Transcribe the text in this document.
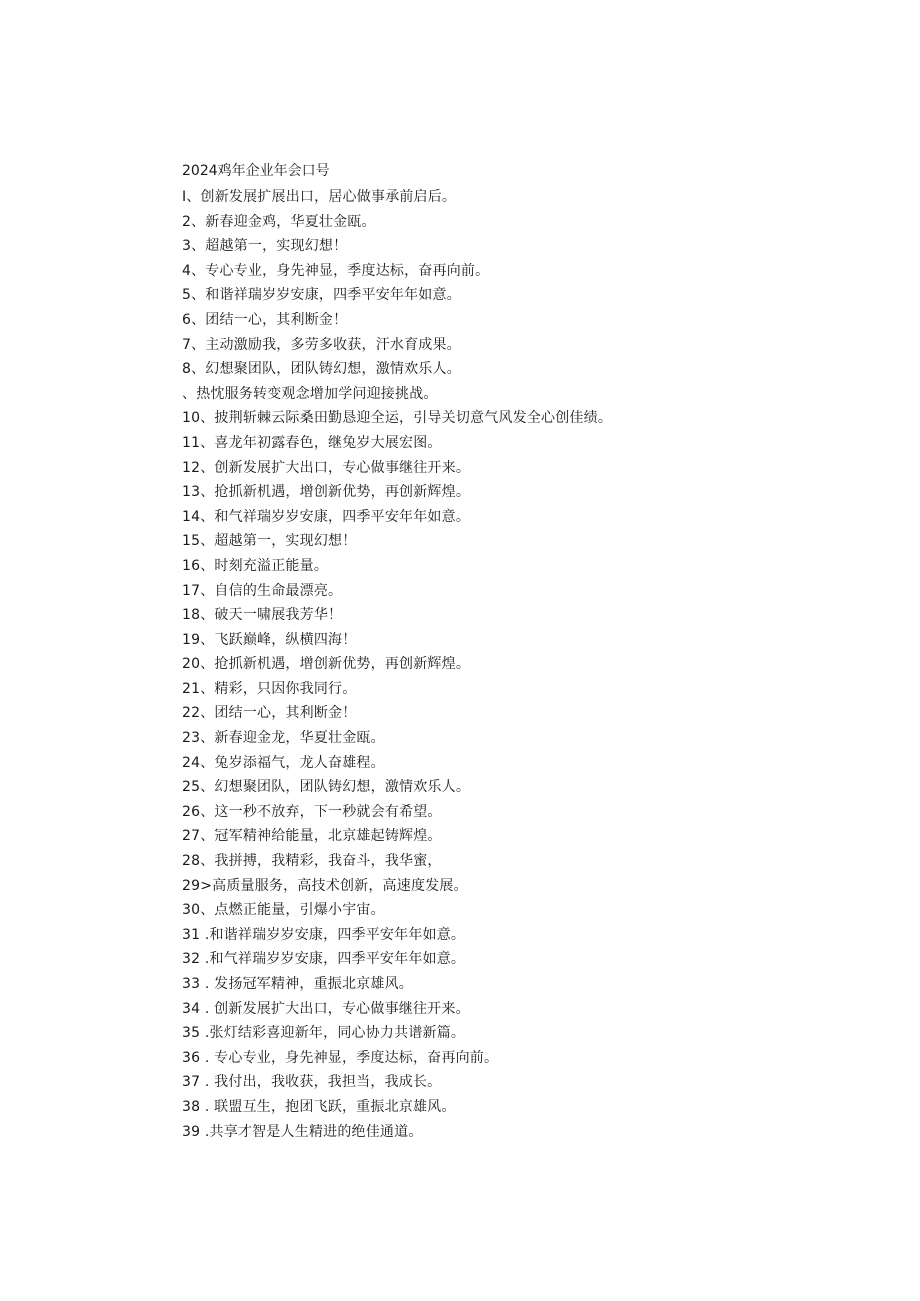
2024鸡年企业年会口号
I、创新发展扩展出口，居心做事承前启后。
2、新春迎金鸡，华夏壮金瓯。
3、超越第一，实现幻想！
4、专心专业，身先神显，季度达标，奋再向前。
5、和谐祥瑞岁岁安康，四季平安年年如意。
6、团结一心，其利断金！
7、主动激励我，多劳多收获，汗水育成果。
8、幻想聚团队，团队铸幻想，激情欢乐人。
、热忱服务转变观念增加学问迎接挑战。
10、披荆斩棘云际桑田勤恳迎全运，引导关切意气风发全心创佳绩。
11、喜龙年初露春色，继兔岁大展宏图。
12、创新发展扩大出口，专心做事继往开来。
13、抢抓新机遇，增创新优势，再创新辉煌。
14、和气祥瑞岁岁安康，四季平安年年如意。
15、超越第一，实现幻想！
16、时刻充溢正能量。
17、自信的生命最漂亮。
18、破天一啸展我芳华！
19、飞跃巅峰，纵横四海！
20、抢抓新机遇，增创新优势，再创新辉煌。
21、精彩，只因你我同行。
22、团结一心，其利断金！
23、新春迎金龙，华夏壮金瓯。
24、兔岁添福气，龙人奋雄程。
25、幻想聚团队，团队铸幻想，激情欢乐人。
26、这一秒不放弃，下一秒就会有希望。
27、冠军精神给能量，北京雄起铸辉煌。
28、我拼搏，我精彩，我奋斗，我华蜜，
29>高质量服务，高技术创新，高速度发展。
30、点燃正能量，引爆小宇宙。
31 .和谐祥瑞岁岁安康，四季平安年年如意。
32 .和气祥瑞岁岁安康，四季平安年年如意。
33 . 发扬冠军精神，重振北京雄风。
34 . 创新发展扩大出口，专心做事继往开来。
35 .张灯结彩喜迎新年，同心协力共谱新篇。
36 . 专心专业，身先神显，季度达标，奋再向前。
37 . 我付出，我收获，我担当，我成长。
38 . 联盟互生，抱团飞跃，重振北京雄风。
39 .共享才智是人生精进的绝佳通道。
